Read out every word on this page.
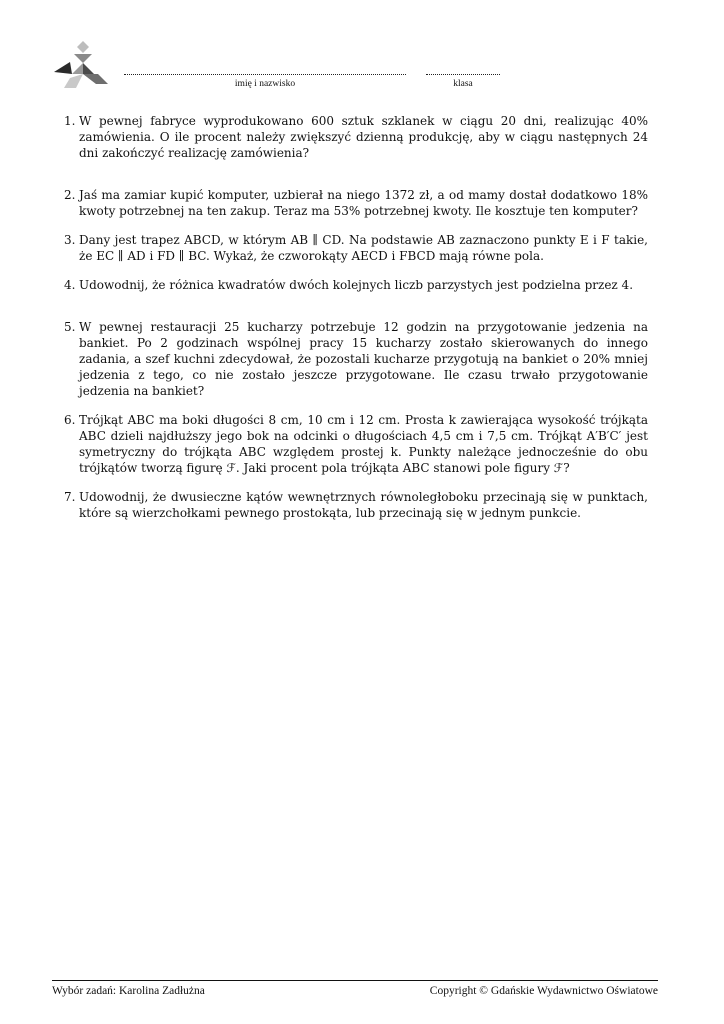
imię i nazwisko	klasa
1. W pewnej fabryce wyprodukowano 600 sztuk szklanek w ciągu 20 dni, realizując 40% zamówienia. O ile procent należy zwiększyć dzienną produkcję, aby w ciągu następnych 24 dni zakończyć realizację zamówienia?
2. Jaś ma zamiar kupić komputer, uzbierał na niego 1372 zł, a od mamy dostał dodatkowo 18% kwoty potrzebnej na ten zakup. Teraz ma 53% potrzebnej kwoty. Ile kosztuje ten komputer?
3. Dany jest trapez ABCD, w którym AB ∥ CD. Na podstawie AB zaznaczono punkty E i F takie, że EC ∥ AD i FD ∥ BC. Wykaż, że czworokąty AECD i FBCD mają równe pola.
4. Udowodnij, że różnica kwadratów dwóch kolejnych liczb parzystych jest podzielna przez 4.
5. W pewnej restauracji 25 kucharzy potrzebuje 12 godzin na przygotowanie jedzenia na bankiet. Po 2 godzinach wspólnej pracy 15 kucharzy zostało skierowanych do innego zadania, a szef kuchni zdecydował, że pozostali kucharze przygotują na bankiet o 20% mniej jedzenia z tego, co nie zostało jeszcze przygotowane. Ile czasu trwało przygotowanie jedzenia na bankiet?
6. Trójkąt ABC ma boki długości 8 cm, 10 cm i 12 cm. Prosta k zawierająca wysokość trójkąta ABC dzieli najdłuższy jego bok na odcinki o długościach 4,5 cm i 7,5 cm. Trójkąt A′B′C′ jest symetryczny do trójkąta ABC względem prostej k. Punkty należące jednocześnie do obu trójkątów tworzą figurę ℱ. Jaki procent pola trójkąta ABC stanowi pole figury ℱ?
7. Udowodnij, że dwusieczne kątów wewnętrznych równoległoboku przecinają się w punktach, które są wierzchołkami pewnego prostokąta, lub przecinają się w jednym punkcie.
Wybór zadań: Karolina Zadłużna	Copyright © Gdańskie Wydawnictwo Oświatowe
